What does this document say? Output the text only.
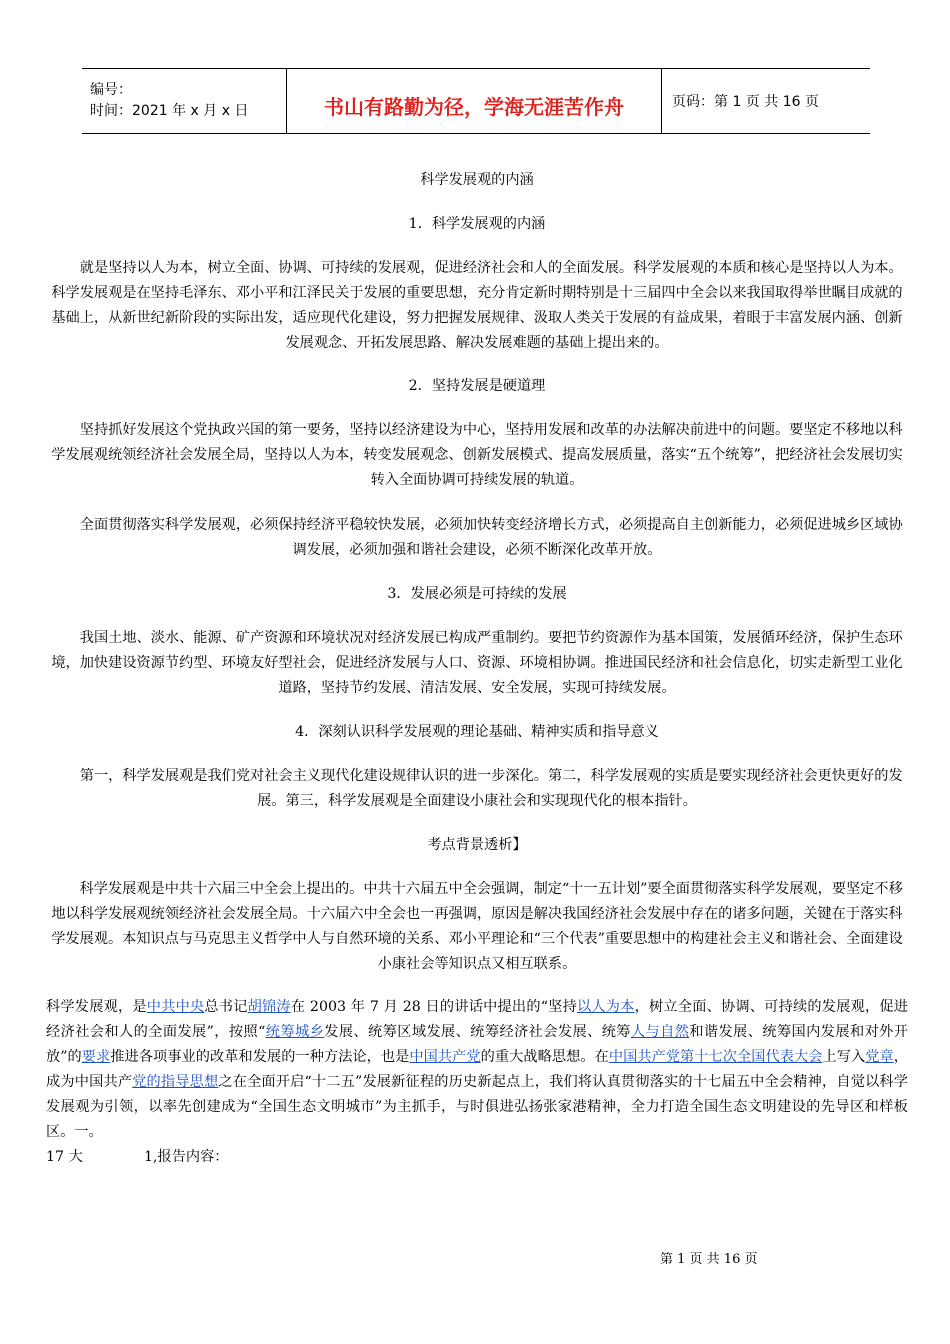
编号：
时间：2021 年 x 月 x 日	书山有路勤为径，学海无涯苦作舟	页码：第 1 页 共 16 页

科学发展观的内涵

1．科学发展观的内涵

就是坚持以人为本，树立全面、协调、可持续的发展观，促进经济社会和人的全面发展。科学发展观的本质和核心是坚持以人为本。科学发展观是在坚持毛泽东、邓小平和江泽民关于发展的重要思想，充分肯定新时期特别是十三届四中全会以来我国取得举世瞩目成就的基础上，从新世纪新阶段的实际出发，适应现代化建设，努力把握发展规律、汲取人类关于发展的有益成果，着眼于丰富发展内涵、创新发展观念、开拓发展思路、解决发展难题的基础上提出来的。

2．坚持发展是硬道理

坚持抓好发展这个党执政兴国的第一要务，坚持以经济建设为中心，坚持用发展和改革的办法解决前进中的问题。要坚定不移地以科学发展观统领经济社会发展全局，坚持以人为本，转变发展观念、创新发展模式、提高发展质量，落实“五个统筹”，把经济社会发展切实转入全面协调可持续发展的轨道。

全面贯彻落实科学发展观，必须保持经济平稳较快发展，必须加快转变经济增长方式，必须提高自主创新能力，必须促进城乡区域协调发展，必须加强和谐社会建设，必须不断深化改革开放。

3．发展必须是可持续的发展

我国土地、淡水、能源、矿产资源和环境状况对经济发展已构成严重制约。要把节约资源作为基本国策，发展循环经济，保护生态环境，加快建设资源节约型、环境友好型社会，促进经济发展与人口、资源、环境相协调。推进国民经济和社会信息化，切实走新型工业化道路，坚持节约发展、清洁发展、安全发展，实现可持续发展。

4．深刻认识科学发展观的理论基础、精神实质和指导意义

第一，科学发展观是我们党对社会主义现代化建设规律认识的进一步深化。第二，科学发展观的实质是要实现经济社会更快更好的发展。第三，科学发展观是全面建设小康社会和实现现代化的根本指针。

考点背景透析】

科学发展观是中共十六届三中全会上提出的。中共十六届五中全会强调，制定“十一五计划”要全面贯彻落实科学发展观，要坚定不移地以科学发展观统领经济社会发展全局。十六届六中全会也一再强调，原因是解决我国经济社会发展中存在的诸多问题，关键在于落实科学发展观。本知识点与马克思主义哲学中人与自然环境的关系、邓小平理论和“三个代表”重要思想中的构建社会主义和谐社会、全面建设小康社会等知识点又相互联系。

科学发展观，是中共中央总书记胡锦涛在 2003 年 7 月 28 日的讲话中提出的“坚持以人为本，树立全面、协调、可持续的发展观，促进经济社会和人的全面发展”，按照“统筹城乡发展、统筹区域发展、统筹经济社会发展、统筹人与自然和谐发展、统筹国内发展和对外开放”的要求推进各项事业的改革和发展的一种方法论，也是中国共产党的重大战略思想。在中国共产党第十七次全国代表大会上写入党章，成为中国共产党的指导思想之在全面开启“十二五”发展新征程的历史新起点上，我们将认真贯彻落实的十七届五中全会精神，自觉以科学发展观为引领，以率先创建成为“全国生态文明城市”为主抓手，与时俱进弘扬张家港精神，全力打造全国生态文明建设的先导区和样板区。一。

17 大	1,报告内容：
第 1 页 共 16 页
